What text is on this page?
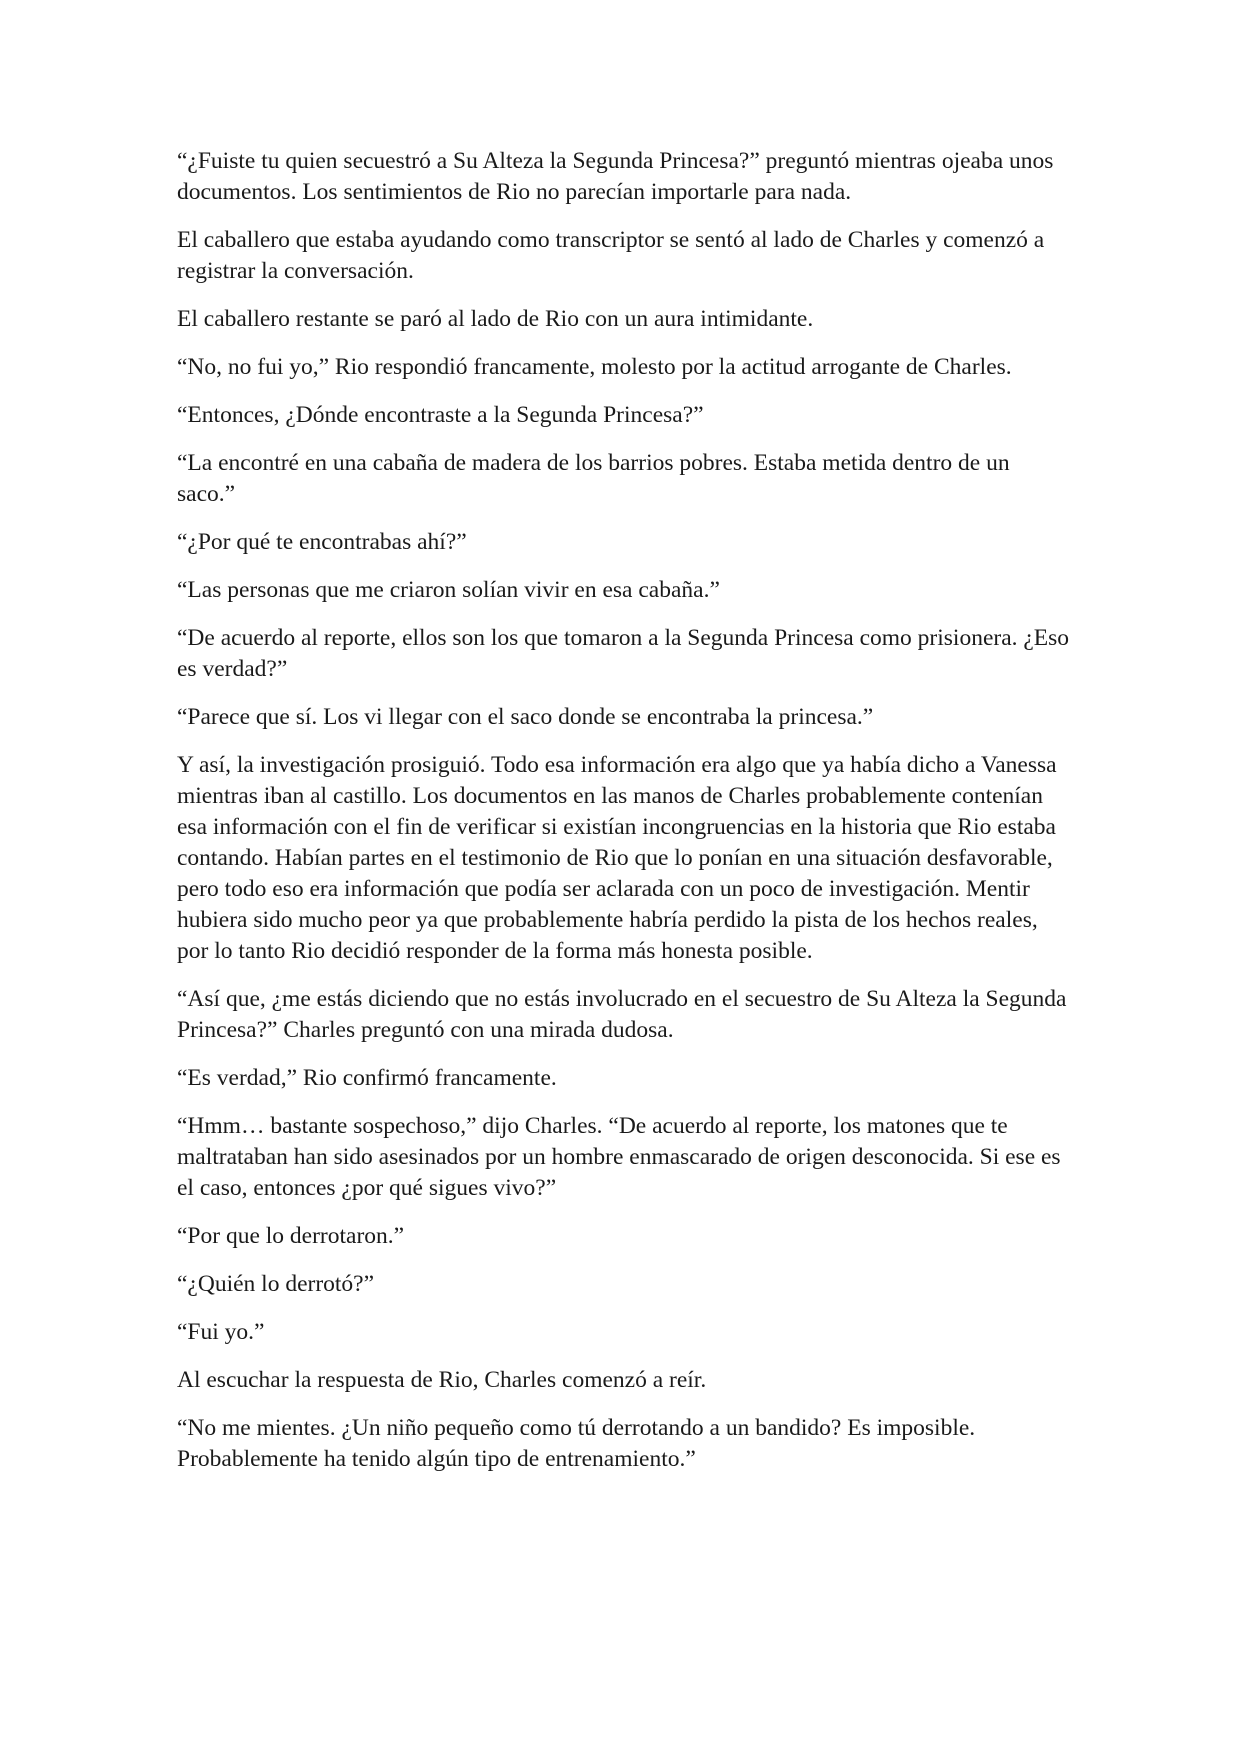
“¿Fuiste tu quien secuestró a Su Alteza la Segunda Princesa?” preguntó mientras ojeaba unos documentos. Los sentimientos de Rio no parecían importarle para nada.

El caballero que estaba ayudando como transcriptor se sentó al lado de Charles y comenzó a registrar la conversación.

El caballero restante se paró al lado de Rio con un aura intimidante.

“No, no fui yo,” Rio respondió francamente, molesto por la actitud arrogante de Charles.

“Entonces, ¿Dónde encontraste a la Segunda Princesa?”

“La encontré en una cabaña de madera de los barrios pobres. Estaba metida dentro de un saco.”

“¿Por qué te encontrabas ahí?”

“Las personas que me criaron solían vivir en esa cabaña.”

“De acuerdo al reporte, ellos son los que tomaron a la Segunda Princesa como prisionera. ¿Eso es verdad?”

“Parece que sí. Los vi llegar con el saco donde se encontraba la princesa.”

Y así, la investigación prosiguió. Todo esa información era algo que ya había dicho a Vanessa mientras iban al castillo. Los documentos en las manos de Charles probablemente contenían esa información con el fin de verificar si existían incongruencias en la historia que Rio estaba contando. Habían partes en el testimonio de Rio que lo ponían en una situación desfavorable, pero todo eso era información que podía ser aclarada con un poco de investigación. Mentir hubiera sido mucho peor ya que probablemente habría perdido la pista de los hechos reales, por lo tanto Rio decidió responder de la forma más honesta posible.

“Así que, ¿me estás diciendo que no estás involucrado en el secuestro de Su Alteza la Segunda Princesa?” Charles preguntó con una mirada dudosa.

“Es verdad,” Rio confirmó francamente.

“Hmm… bastante sospechoso,” dijo Charles. “De acuerdo al reporte, los matones que te maltrataban han sido asesinados por un hombre enmascarado de origen desconocida. Si ese es el caso, entonces ¿por qué sigues vivo?”

“Por que lo derrotaron.”

“¿Quién lo derrotó?”

“Fui yo.”

Al escuchar la respuesta de Rio, Charles comenzó a reír.

“No me mientes. ¿Un niño pequeño como tú derrotando a un bandido? Es imposible. Probablemente ha tenido algún tipo de entrenamiento.”
